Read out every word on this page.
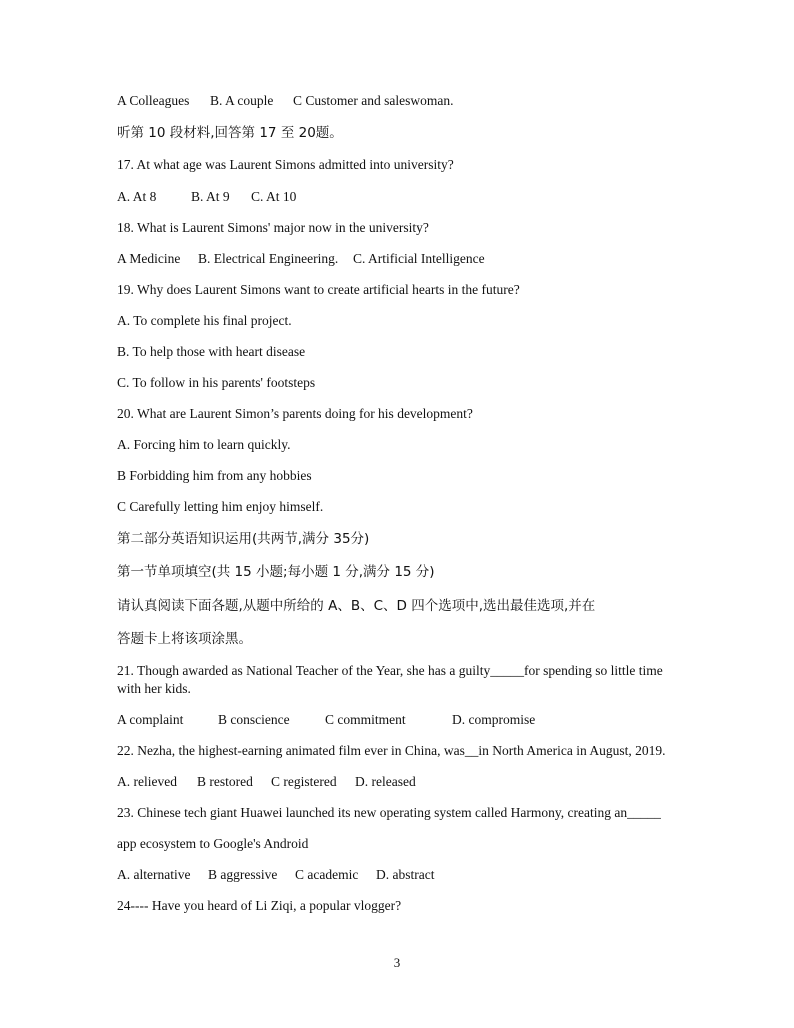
A Colleagues B. A couple C Customer and saleswoman.
听第 10 段材料,回答第 17 至 20题。
17. At what age was Laurent Simons admitted into university?
A. At 8	B. At 9 C. At 10
18. What is Laurent Simons' major now in the university?
A Medicine B. Electrical Engineering. C. Artificial Intelligence
19. Why does Laurent Simons want to create artificial hearts in the future?
A. To complete his final project.
B. To help those with heart disease
C. To follow in his parents' footsteps
20. What are Laurent Simon’s parents doing for his development?
A. Forcing him to learn quickly.
B Forbidding him from any hobbies
C Carefully letting him enjoy himself.
第二部分英语知识运用(共两节,满分 35分)
第一节单项填空(共 15 小题;每小题 1 分,满分 15 分)
请认真阅读下面各题,从题中所给的 A、B、C、D 四个选项中,选出最佳选项,并在
答题卡上将该项涂黑。
21. Though awarded as National Teacher of the Year, she has a guilty_____for spending so little time with her kids.
A complaint	B conscience	C commitment	D. compromise
22. Nezha, the highest-earning animated film ever in China, was__in North America in August, 2019.
A. relieved B restored C registered D. released
23. Chinese tech giant Huawei launched its new operating system called Harmony, creating an_____
app ecosystem to Google's Android
A. alternative B aggressive C academic D. abstract
24---- Have you heard of Li Ziqi, a popular vlogger?
3
